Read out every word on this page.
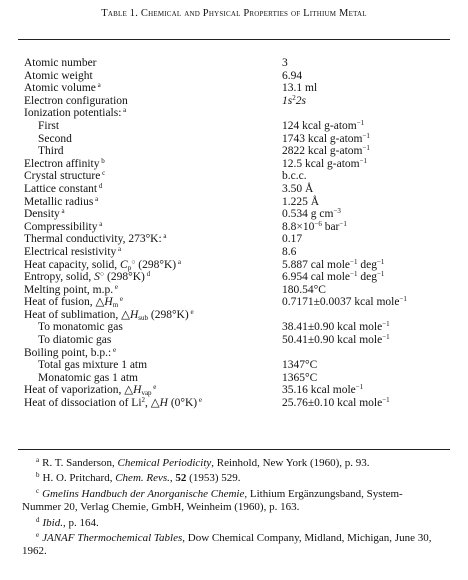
Table 1. Chemical and Physical Properties of Lithium Metal
Atomic number	3
Atomic weight	6.94
Atomic volume $^a$	13.1 ml
Electron configuration	$1s^22s$
Ionization potentials: $^a$
First	124 kcal g-atom$^{-1}$
Second	1743 kcal g-atom$^{-1}$
Third	2822 kcal g-atom$^{-1}$
Electron affinity $^b$	12.5 kcal g-atom$^{-1}$
Crystal structure $^c$	b.c.c.
Lattice constant $^d$	3.50 Å
Metallic radius $^a$	1.225 Å
Density $^a$	0.534 g $cm^{-3}$
Compressibility $^a$	$8.8\times 10^{-6}$ bar$^{-1}$
Thermal conductivity, 273°K: $^a$	0.17
Electrical resistivity $^a$	8.6
Heat capacity, solid, $C_p^○$ (298°K) $^a$	5.887 cal mole$^{-1}$ deg$^{-1}$
Entropy, solid, S○ (298°K) $^d$	6.954 cal mole$^{-1}$ deg$^{-1}$
Melting point, m.p. $^e$	180.54°C
Heat of fusion, $\triangle H_m$ $^e$	0.7171±0.0037 kcal mole$^{-1}$
Heat of sublimation, $\triangle H_{sub}$ (298°K) $^e$
To monatomic gas	38.41±0.90 kcal mole$^{-1}$
To diatomic gas	50.41±0.90 kcal mole$^{-1}$
Boiling point, b.p.: $^e$
Total gas mixture 1 atm	1347°C
Monatomic gas 1 atm	1365°C
Heat of vaporization, $\triangle H_{vap}$ $^e$	35.16 kcal mole$^{-1}$
Heat of dissociation of Li$^2$, △H (0°K) $^e$	25.76±0.10 kcal mole$^{-1}$
$^a$ R. T. Sanderson, Chemical Periodicity, Reinhold, New York (1960), p. 93.
$^b$ H. O. Pritchard, Chem. Revs., 52 (1953) 529.
$^c$ Gmelins Handbuch der Anorganische Chemie, Lithium Ergänzungsband, System-Nummer 20, Verlag Chemie, GmbH, Weinheim (1960), p. 163.
$^d$ Ibid., p. 164.
$^e$ JANAF Thermochemical Tables, Dow Chemical Company, Midland, Michigan, June 30, 1962.
